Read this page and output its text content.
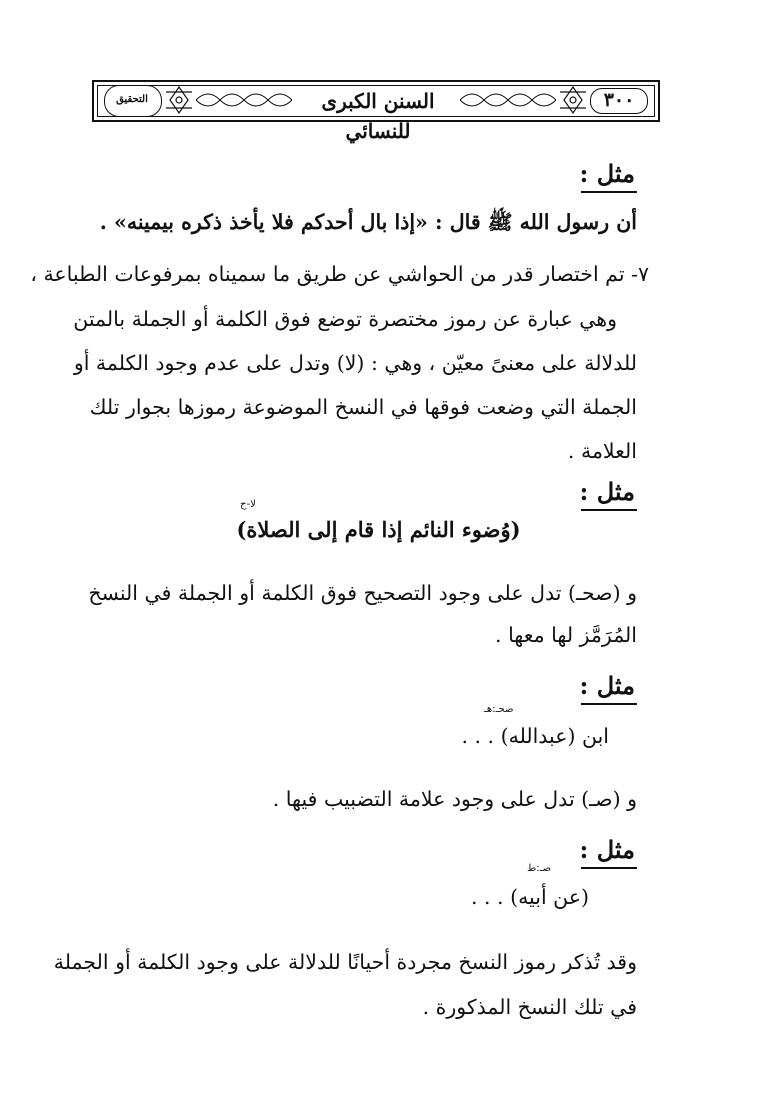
٣٠٠
السنن الكبرى للنسائي
التحقيق
مثل :
أن رسول الله ﷺ قال : «إذا بال أحدكم فلا يأخذ ذكره بيمينه» .
٧- تم اختصار قدر من الحواشي عن طريق ما سميناه بمرفوعات الطباعة ،
وهي عبارة عن رموز مختصرة توضع فوق الكلمة أو الجملة بالمتن
للدلالة على معنىً معيّن ، وهي : (لا) وتدل على عدم وجود الكلمة أو
الجملة التي وضعت فوقها في النسخ الموضوعة رموزها بجوار تلك
العلامة .
مثل :
لا-ح
(وُضوء النائم إذا قام إلى الصلاة)
و (صحـ) تدل على وجود التصحيح فوق الكلمة أو الجملة في النسخ
المُرَمَّز لها معها .
مثل :
صحـ:هـ
ابن (عبدالله) . . .
و (صـ) تدل على وجود علامة التضبيب فيها .
مثل :
صـ:ط
(عن أبيه) . . .
وقد تُذكر رموز النسخ مجردة أحيانًا للدلالة على وجود الكلمة أو الجملة
في تلك النسخ المذكورة .
